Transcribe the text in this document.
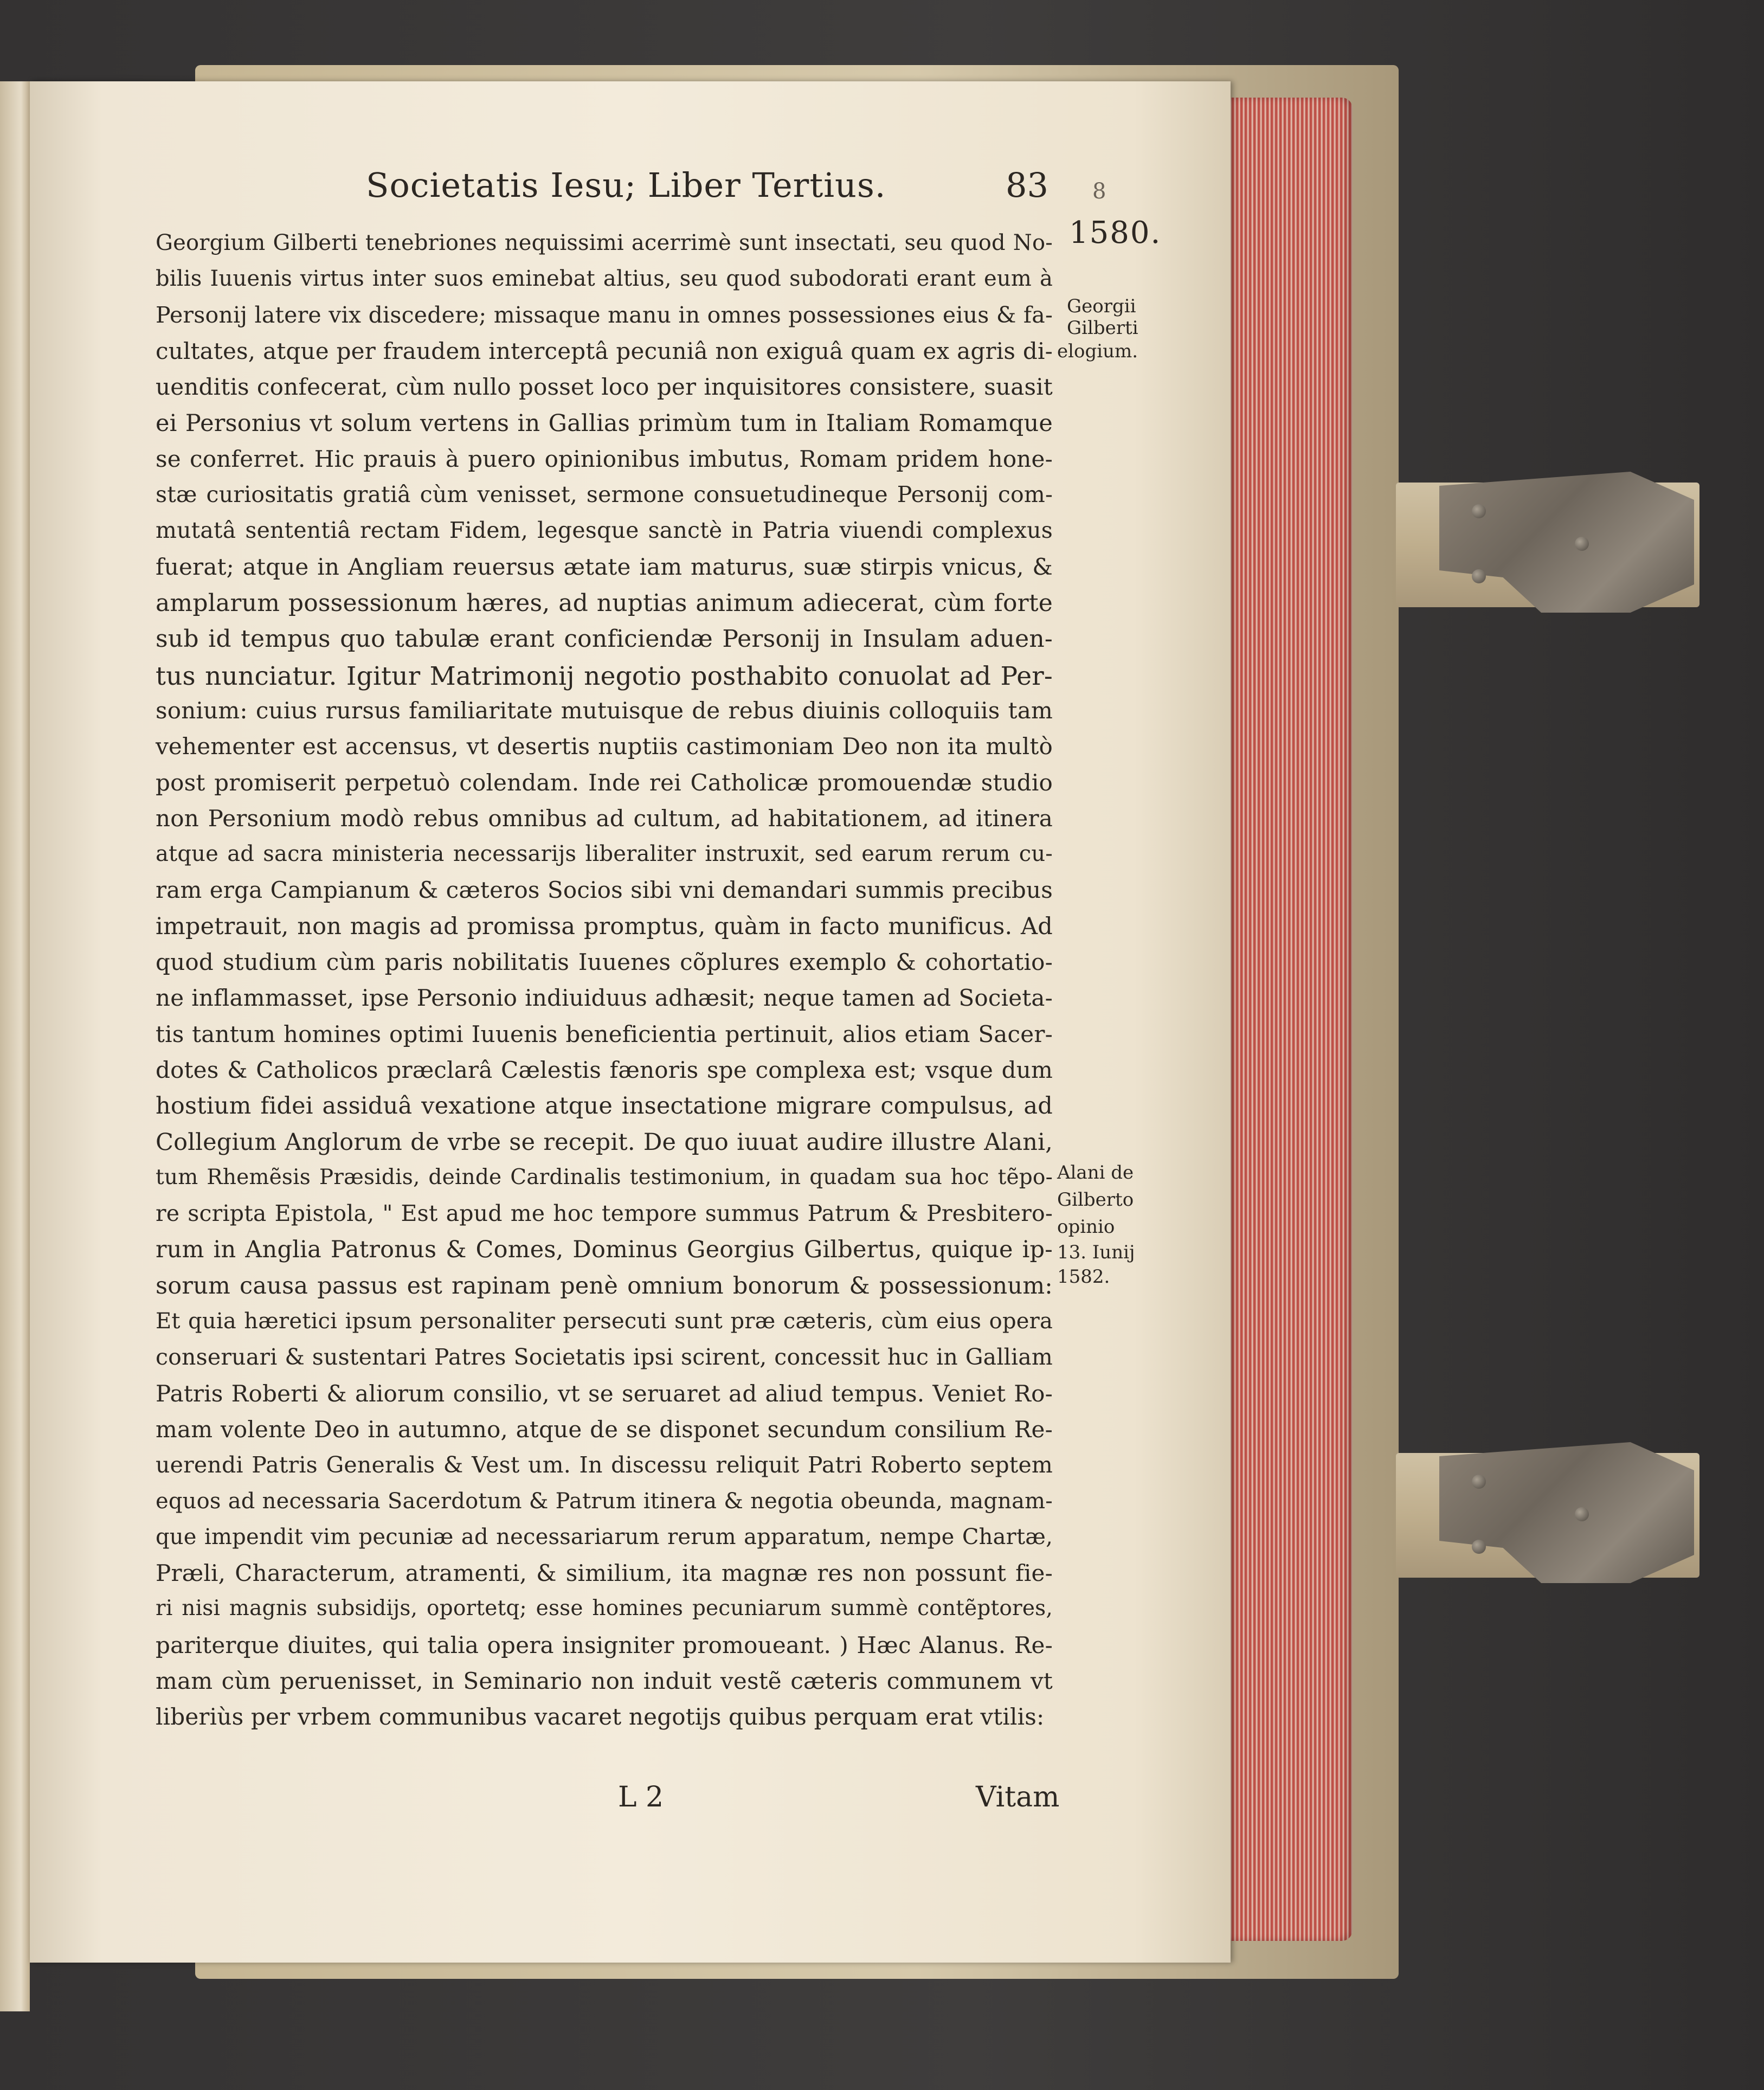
Societatis Iesu; Liber Tertius.	83 8
1580.
Georgii
Gilberti
elogium.
Alani de
Gilberto
opinio
13. Iunij
1582.
Georgium Gilberti tenebriones nequissimi acerrimè sunt insectati, seu quod No-
bilis Iuuenis virtus inter suos eminebat altius, seu quod subodorati erant eum à
Personij latere vix discedere; missaque manu in omnes possessiones eius & fa-
cultates, atque per fraudem interceptâ pecuniâ non exiguâ quam ex agris di-
uenditis confecerat, cùm nullo posset loco per inquisitores consistere, suasit
ei Personius vt solum vertens in Gallias primùm tum in Italiam Romamque
se conferret. Hic prauis à puero opinionibus imbutus, Romam pridem hone-
stæ curiositatis gratiâ cùm venisset, sermone consuetudineque Personij com-
mutatâ sententiâ rectam Fidem, legesque sanctè in Patria viuendi complexus
fuerat; atque in Angliam reuersus ætate iam maturus, suæ stirpis vnicus, &
amplarum possessionum hæres, ad nuptias animum adiecerat, cùm forte
sub id tempus quo tabulæ erant conficiendæ Personij in Insulam aduen-
tus nunciatur. Igitur Matrimonij negotio posthabito conuolat ad Per-
sonium: cuius rursus familiaritate mutuisque de rebus diuinis colloquiis tam
vehementer est accensus, vt desertis nuptiis castimoniam Deo non ita multò
post promiserit perpetuò colendam. Inde rei Catholicæ promouendæ studio
non Personium modò rebus omnibus ad cultum, ad habitationem, ad itinera
atque ad sacra ministeria necessarijs liberaliter instruxit, sed earum rerum cu-
ram erga Campianum & cæteros Socios sibi vni demandari summis precibus
impetrauit, non magis ad promissa promptus, quàm in facto munificus. Ad
quod studium cùm paris nobilitatis Iuuenes cõplures exemplo & cohortatio-
ne inflammasset, ipse Personio indiuiduus adhæsit; neque tamen ad Societa-
tis tantum homines optimi Iuuenis beneficientia pertinuit, alios etiam Sacer-
dotes & Catholicos præclarâ Cælestis fænoris spe complexa est; vsque dum
hostium fidei assiduâ vexatione atque insectatione migrare compulsus, ad
Collegium Anglorum de vrbe se recepit. De quo iuuat audire illustre Alani,
tum Rhemẽsis Præsidis, deinde Cardinalis testimonium, in quadam sua hoc tẽpo-
re scripta Epistola, " Est apud me hoc tempore summus Patrum & Presbitero-
rum in Anglia Patronus & Comes, Dominus Georgius Gilbertus, quique ip-
sorum causa passus est rapinam penè omnium bonorum & possessionum:
Et quia hæretici ipsum personaliter persecuti sunt præ cæteris, cùm eius opera
conseruari & sustentari Patres Societatis ipsi scirent, concessit huc in Galliam
Patris Roberti & aliorum consilio, vt se seruaret ad aliud tempus. Veniet Ro-
mam volente Deo in autumno, atque de se disponet secundum consilium Re-
uerendi Patris Generalis & Vest um. In discessu reliquit Patri Roberto septem
equos ad necessaria Sacerdotum & Patrum itinera & negotia obeunda, magnam-
que impendit vim pecuniæ ad necessariarum rerum apparatum, nempe Chartæ,
Præli, Characterum, atramenti, & similium, ita magnæ res non possunt fie-
ri nisi magnis subsidijs, oportetq; esse homines pecuniarum summè contẽptores,
pariterque diuites, qui talia opera insigniter promoueant. ) Hæc Alanus. Re-
mam cùm peruenisset, in Seminario non induit vestẽ cæteris communem vt
liberiùs per vrbem communibus vacaret negotijs quibus perquam erat vtilis:
L 2	Vitam
